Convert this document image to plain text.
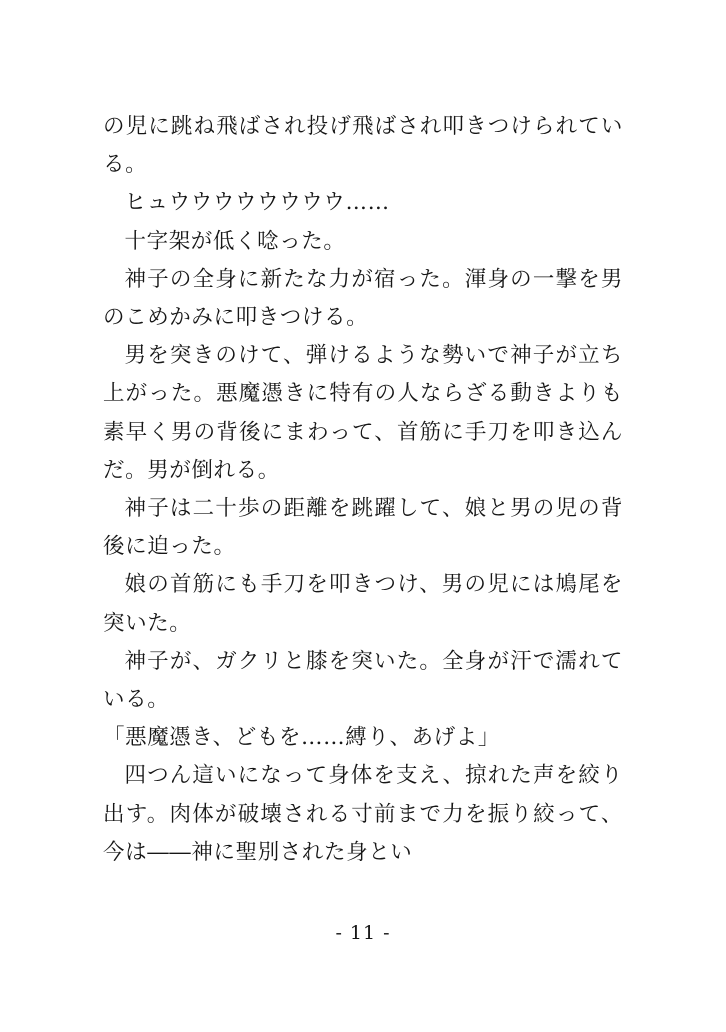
の児に跳ね飛ばされ投げ飛ばされ叩きつけられている。

ヒュウウウウウウウウ……

十字架が低く唸った。

神子の全身に新たな力が宿った。渾身の一撃を男のこめかみに叩きつける。

男を突きのけて、弾けるような勢いで神子が立ち上がった。悪魔憑きに特有の人ならざる動きよりも素早く男の背後にまわって、首筋に手刀を叩き込んだ。男が倒れる。

神子は二十歩の距離を跳躍して、娘と男の児の背後に迫った。

娘の首筋にも手刀を叩きつけ、男の児には鳩尾を突いた。

神子が、ガクリと膝を突いた。全身が汗で濡れている。

「悪魔憑き、どもを……縛り、あげよ」

四つん這いになって身体を支え、掠れた声を絞り出す。肉体が破壊される寸前まで力を振り絞って、今は――神に聖別された身とい

- 11 -
